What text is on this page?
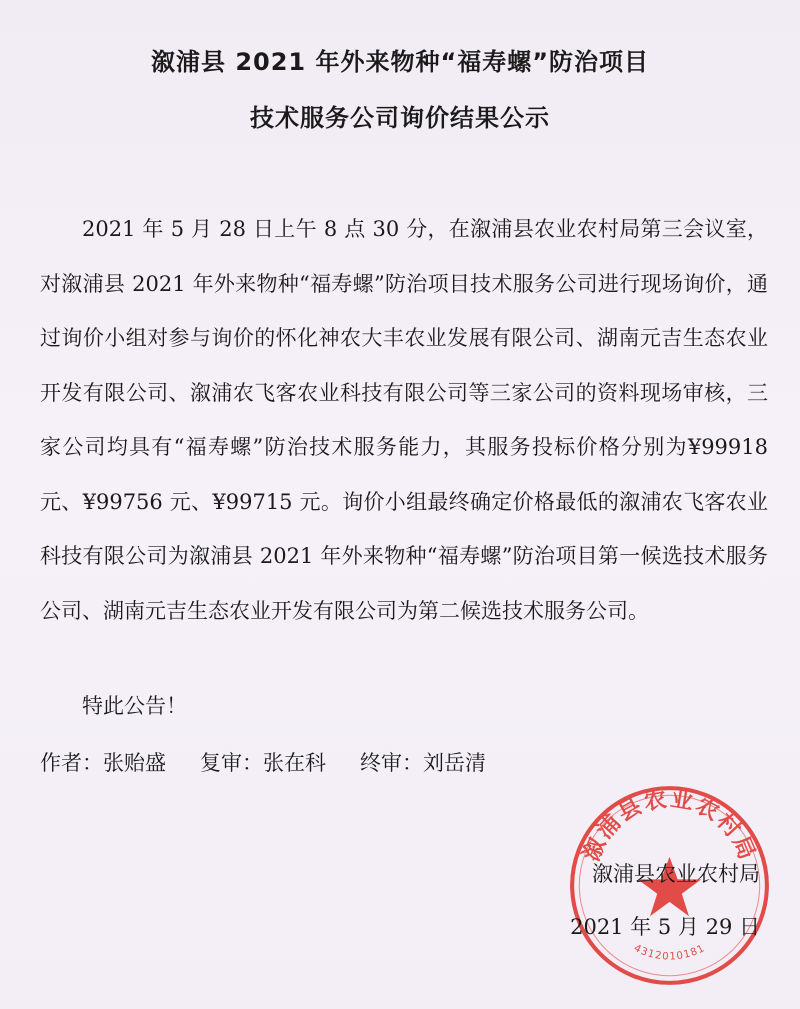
溆浦县 2021 年外来物种“福寿螺”防治项目
技术服务公司询价结果公示
2021 年 5 月 28 日上午 8 点 30 分，在溆浦县农业农村局第三会议室，对溆浦县 2021 年外来物种“福寿螺”防治项目技术服务公司进行现场询价，通过询价小组对参与询价的怀化神农大丰农业发展有限公司、湖南元吉生态农业开发有限公司、溆浦农飞客农业科技有限公司等三家公司的资料现场审核，三家公司均具有“福寿螺”防治技术服务能力，其服务投标价格分别为¥99918 元、¥99756 元、¥99715 元。询价小组最终确定价格最低的溆浦农飞客农业科技有限公司为溆浦县 2021 年外来物种“福寿螺”防治项目第一候选技术服务公司、湖南元吉生态农业开发有限公司为第二候选技术服务公司。
特此公告！
作者：张贻盛 复审：张在科 终审：刘岳清
溆浦县农业农村局
4312010181
溆浦县农业农村局
2021 年 5 月 29 日
